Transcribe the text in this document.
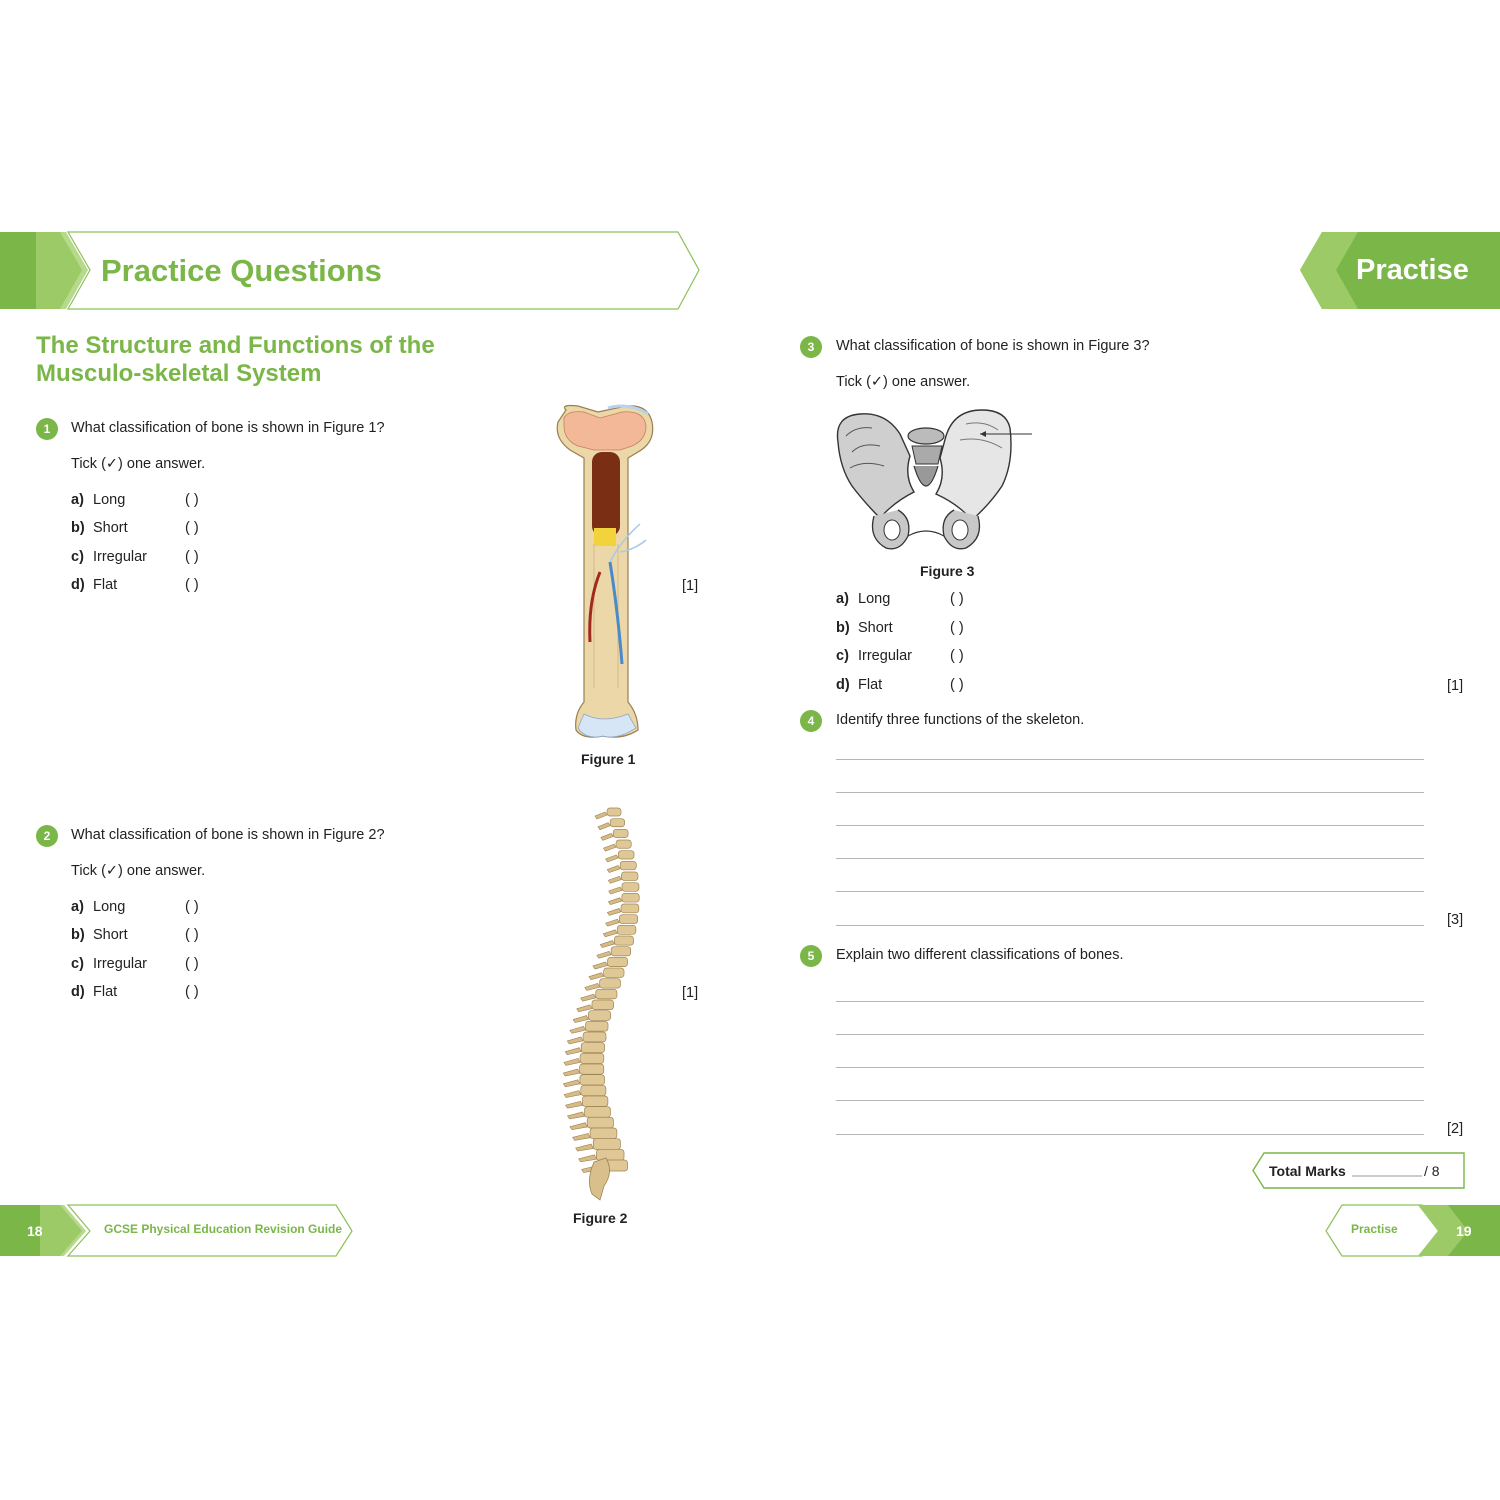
Practice Questions	Practise
The Structure and Functions of the
Musculo-skeletal System
1	What classification of bone is shown in Figure 1?
Tick (✓) one answer.
a) Long	( )
b) Short	( )
c) Irregular	( )
d) Flat	( )	[1]
Figure 1
2	What classification of bone is shown in Figure 2?
Tick (✓) one answer.
a) Long	( )
b) Short	( )
c) Irregular	( )
d) Flat	( )	[1]
Figure 2
3	What classification of bone is shown in Figure 3?
Tick (✓) one answer.
Figure 3
a) Long	( )
b) Short	( )
c) Irregular	( )
d) Flat	( )	[1]
4	Identify three functions of the skeleton.
[3]
5	Explain two different classifications of bones.
[2]
Total Marks	/ 8
18	GCSE Physical Education Revision Guide	Practise	19
